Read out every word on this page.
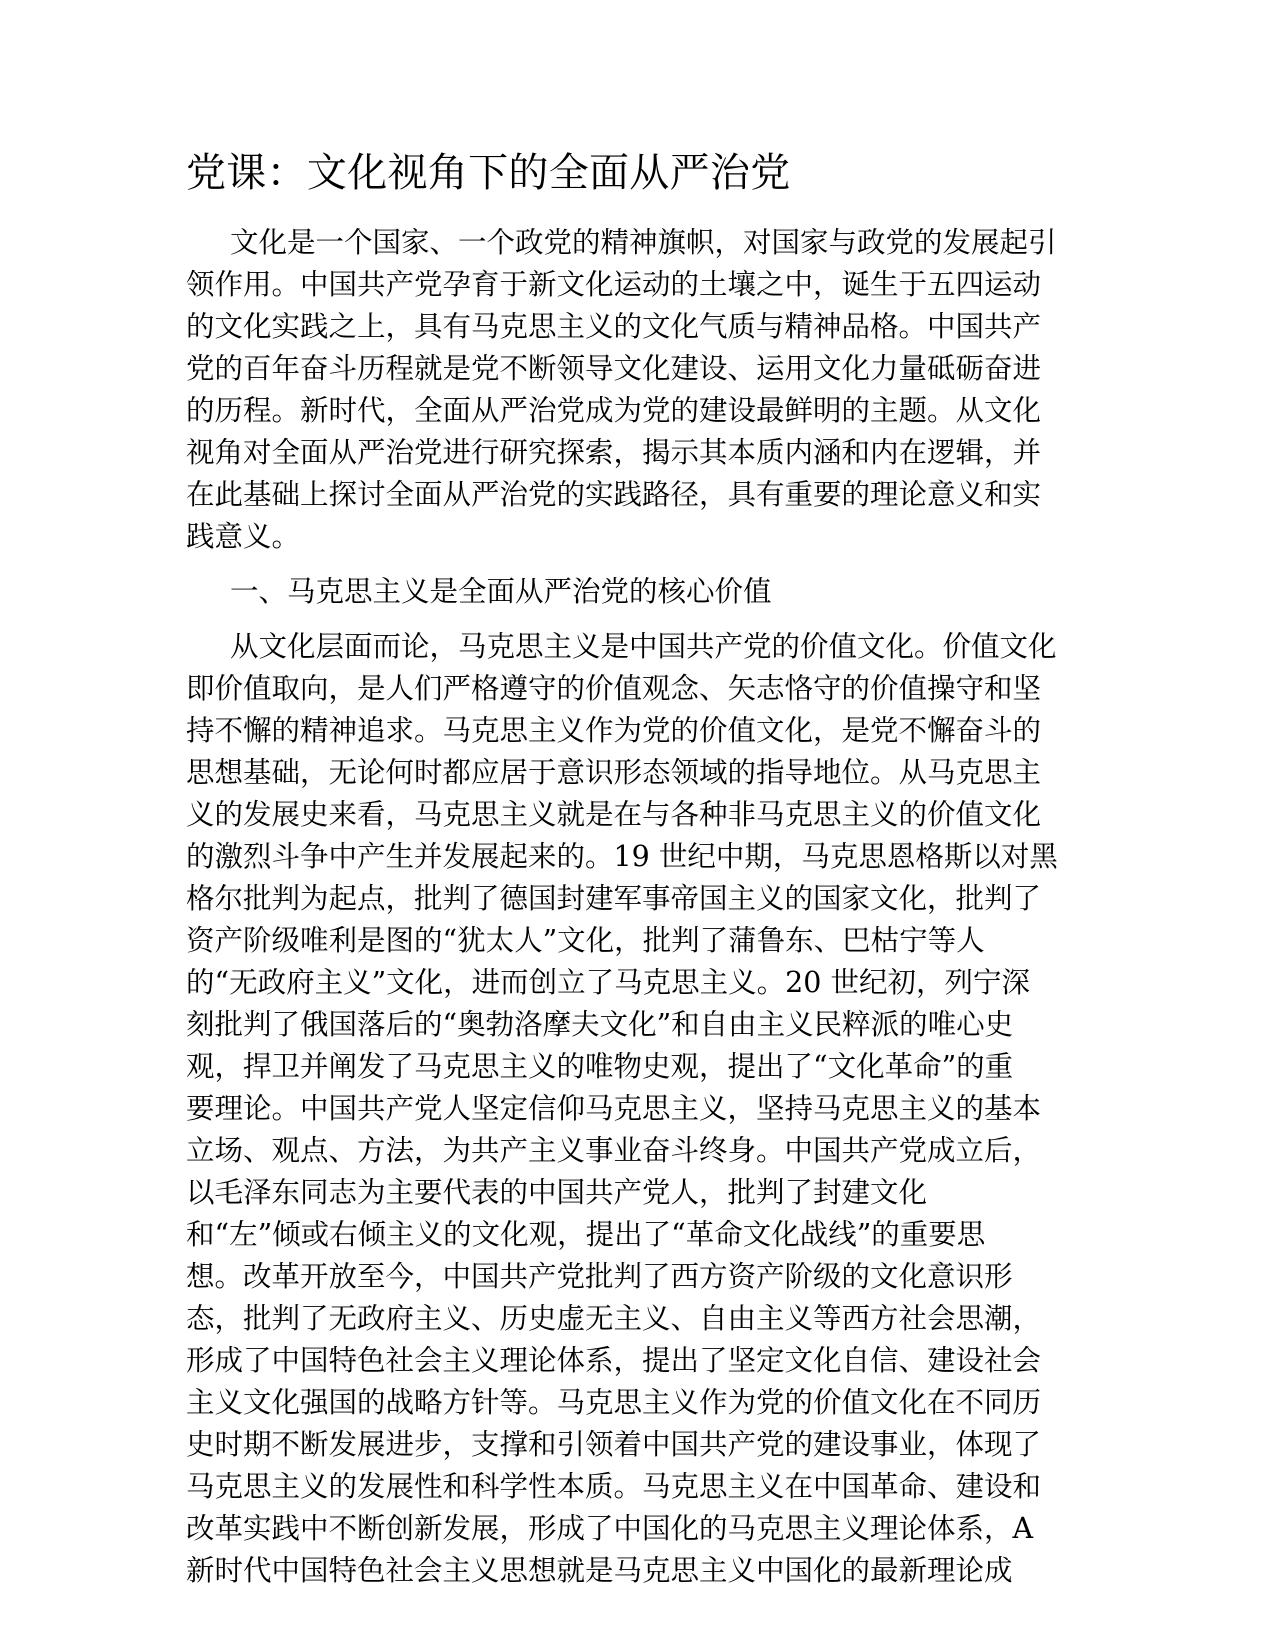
党课：文化视角下的全面从严治党

文化是一个国家、一个政党的精神旗帜，对国家与政党的发展起引
领作用。中国共产党孕育于新文化运动的土壤之中，诞生于五四运动
的文化实践之上，具有马克思主义的文化气质与精神品格。中国共产
党的百年奋斗历程就是党不断领导文化建设、运用文化力量砥砺奋进
的历程。新时代，全面从严治党成为党的建设最鲜明的主题。从文化
视角对全面从严治党进行研究探索，揭示其本质内涵和内在逻辑，并
在此基础上探讨全面从严治党的实践路径，具有重要的理论意义和实
践意义。

一、马克思主义是全面从严治党的核心价值

从文化层面而论，马克思主义是中国共产党的价值文化。价值文化
即价值取向，是人们严格遵守的价值观念、矢志恪守的价值操守和坚
持不懈的精神追求。马克思主义作为党的价值文化，是党不懈奋斗的
思想基础，无论何时都应居于意识形态领域的指导地位。从马克思主
义的发展史来看，马克思主义就是在与各种非马克思主义的价值文化
的激烈斗争中产生并发展起来的。19 世纪中期，马克思恩格斯以对黑
格尔批判为起点，批判了德国封建军事帝国主义的国家文化，批判了
资产阶级唯利是图的“犹太人”文化，批判了蒲鲁东、巴枯宁等人
的“无政府主义”文化，进而创立了马克思主义。20 世纪初，列宁深
刻批判了俄国落后的“奥勃洛摩夫文化”和自由主义民粹派的唯心史
观，捍卫并阐发了马克思主义的唯物史观，提出了“文化革命”的重
要理论。中国共产党人坚定信仰马克思主义，坚持马克思主义的基本
立场、观点、方法，为共产主义事业奋斗终身。中国共产党成立后，
以毛泽东同志为主要代表的中国共产党人，批判了封建文化
和“左”倾或右倾主义的文化观，提出了“革命文化战线”的重要思
想。改革开放至今，中国共产党批判了西方资产阶级的文化意识形
态，批判了无政府主义、历史虚无主义、自由主义等西方社会思潮，
形成了中国特色社会主义理论体系，提出了坚定文化自信、建设社会
主义文化强国的战略方针等。马克思主义作为党的价值文化在不同历
史时期不断发展进步，支撑和引领着中国共产党的建设事业，体现了
马克思主义的发展性和科学性本质。马克思主义在中国革命、建设和
改革实践中不断创新发展，形成了中国化的马克思主义理论体系，A
新时代中国特色社会主义思想就是马克思主义中国化的最新理论成
